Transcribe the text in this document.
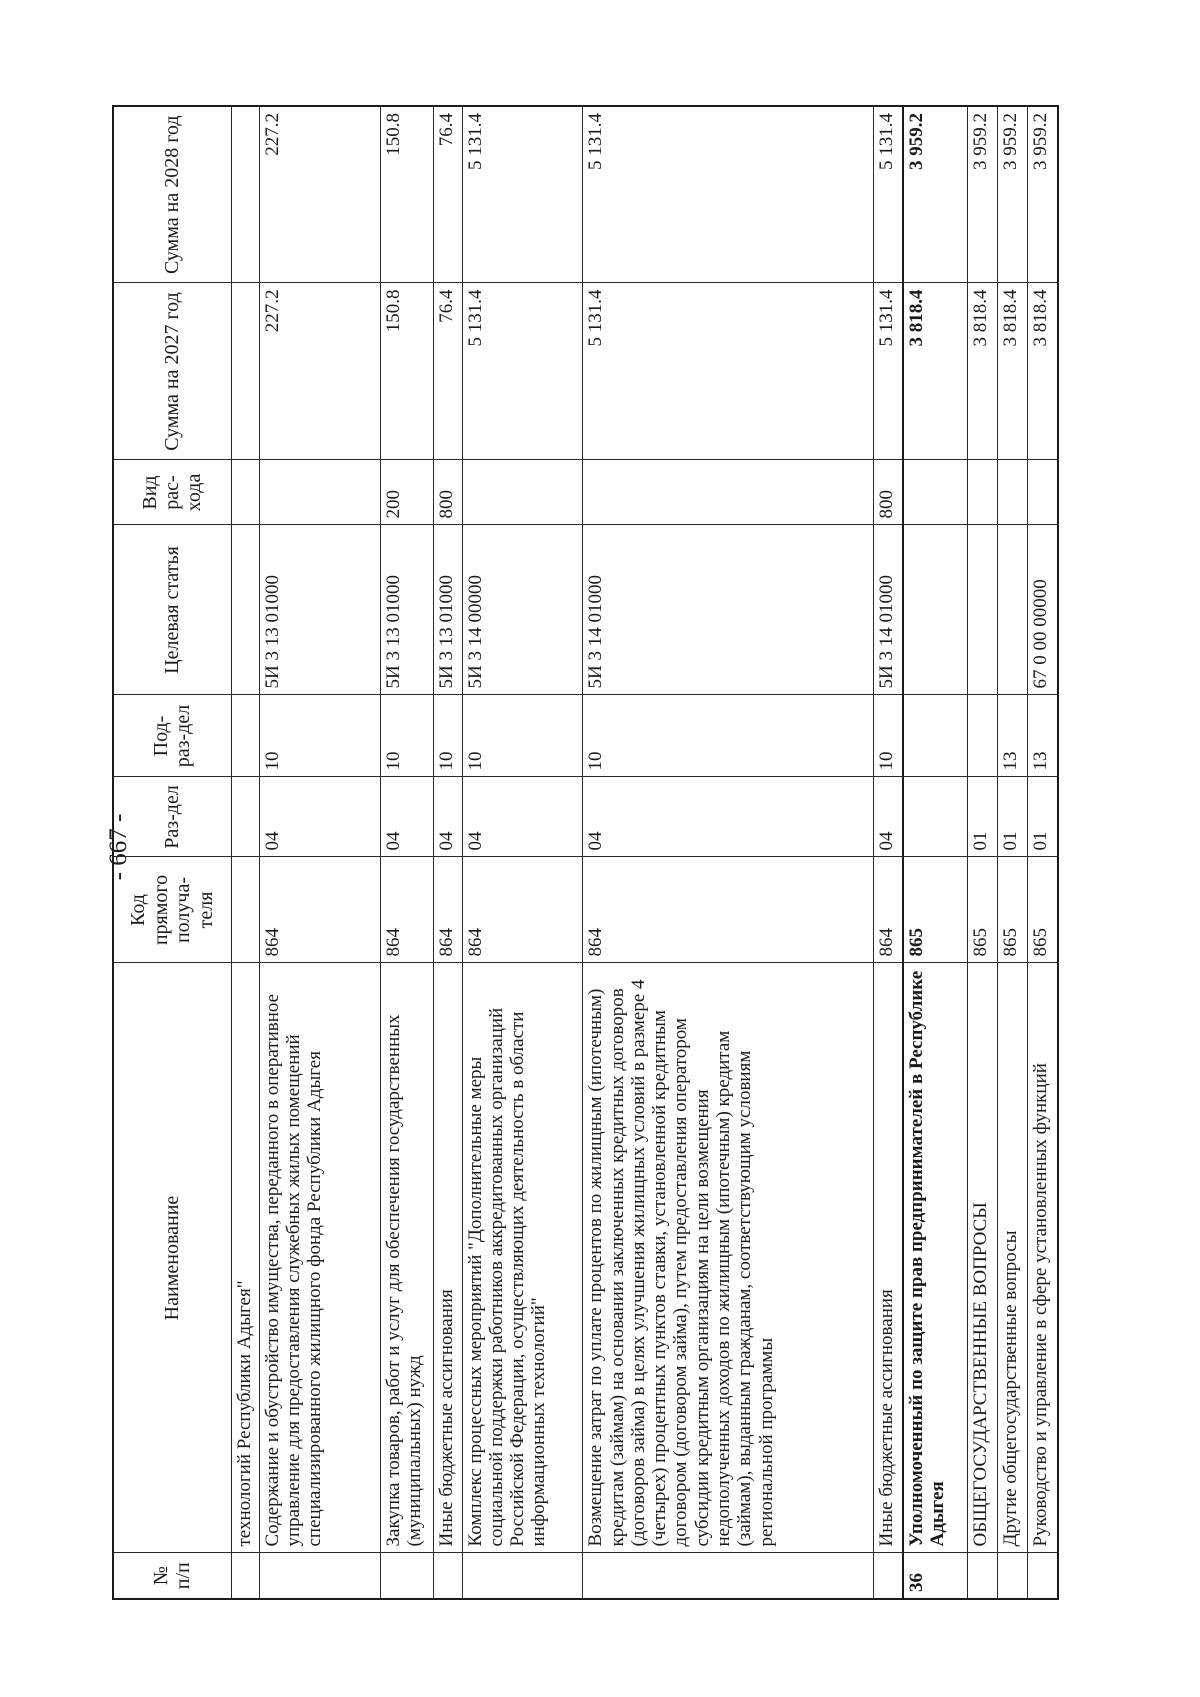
- 667 -
№ п/п	Наименование	Код прямого получа-теля	Раз-дел	Под-раз-дел	Целевая статья	Вид рас-хода	Сумма на 2027 год	Сумма на 2028 год
	технологий Республики Адыгея"							
	Содержание и обустройство имущества, переданного в оперативное управление для предоставления служебных жилых помещений специализированного жилищного фонда Республики Адыгея	864	04	10	5И 3 13 01000		227.2	227.2
	Закупка товаров, работ и услуг для обеспечения государственных (муниципальных) нужд	864	04	10	5И 3 13 01000	200	150.8	150.8
	Иные бюджетные ассигнования	864	04	10	5И 3 13 01000	800	76.4	76.4
	Комплекс процессных мероприятий "Дополнительные меры социальной поддержки работников аккредитованных организаций Российской Федерации, осуществляющих деятельность в области информационных технологий"	864	04	10	5И 3 14 00000		5 131.4	5 131.4
	Возмещение затрат по уплате процентов по жилищным (ипотечным) кредитам (займам) на основании заключенных кредитных договоров (договоров займа) в целях улучшения жилищных условий в размере 4 (четырех) процентных пунктов ставки, установленной кредитным договором (договором займа), путем предоставления оператором субсидии кредитным организациям на цели возмещения недополученных доходов по жилищным (ипотечным) кредитам (займам), выданным гражданам, соответствующим условиям региональной программы	864	04	10	5И 3 14 01000		5 131.4	5 131.4
	Иные бюджетные ассигнования	864	04	10	5И 3 14 01000	800	5 131.4	5 131.4
36	Уполномоченный по защите прав предпринимателей в Республике Адыгея	865					3 818.4	3 959.2
	ОБЩЕГОСУДАРСТВЕННЫЕ ВОПРОСЫ	865	01				3 818.4	3 959.2
	Другие общегосударственные вопросы	865	01	13			3 818.4	3 959.2
	Руководство и управление в сфере установленных функций	865	01	13	67 0 00 00000		3 818.4	3 959.2
